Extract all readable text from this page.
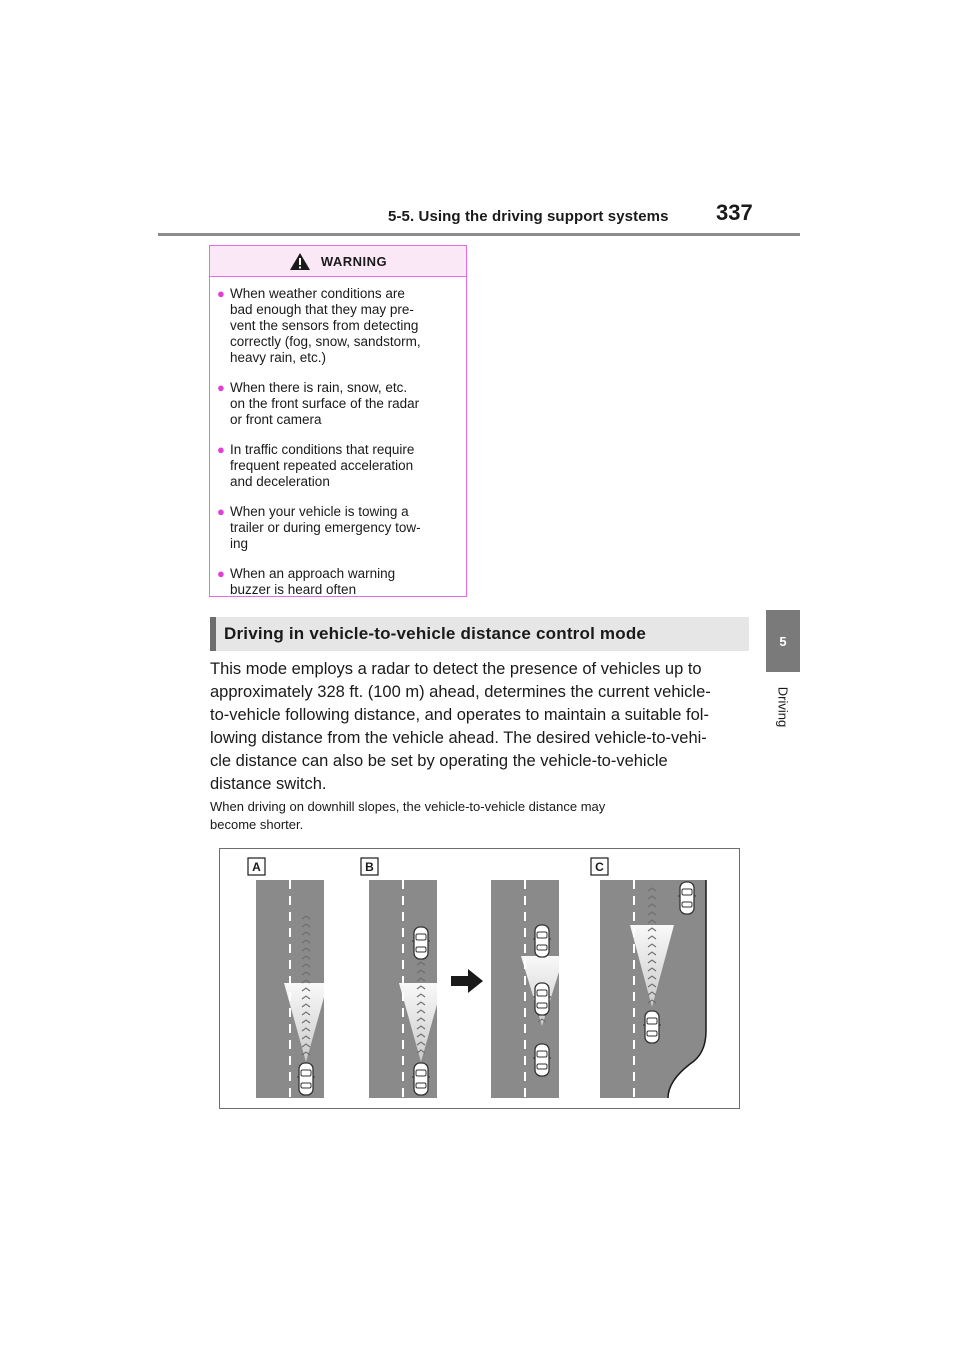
5-5. Using the driving support systems 337
5
Driving
WARNING
● When weather conditions are
bad enough that they may pre-
vent the sensors from detecting
correctly (fog, snow, sandstorm,
heavy rain, etc.)
● When there is rain, snow, etc.
on the front surface of the radar
or front camera
● In traffic conditions that require
frequent repeated acceleration
and deceleration
● When your vehicle is towing a
trailer or during emergency tow-
ing
● When an approach warning
buzzer is heard often
Driving in vehicle-to-vehicle distance control mode
This mode employs a radar to detect the presence of vehicles up to
approximately 328 ft. (100 m) ahead, determines the current vehicle-
to-vehicle following distance, and operates to maintain a suitable fol-
lowing distance from the vehicle ahead. The desired vehicle-to-vehi-
cle distance can also be set by operating the vehicle-to-vehicle
distance switch.
When driving on downhill slopes, the vehicle-to-vehicle distance may
become shorter.
A	B	C
